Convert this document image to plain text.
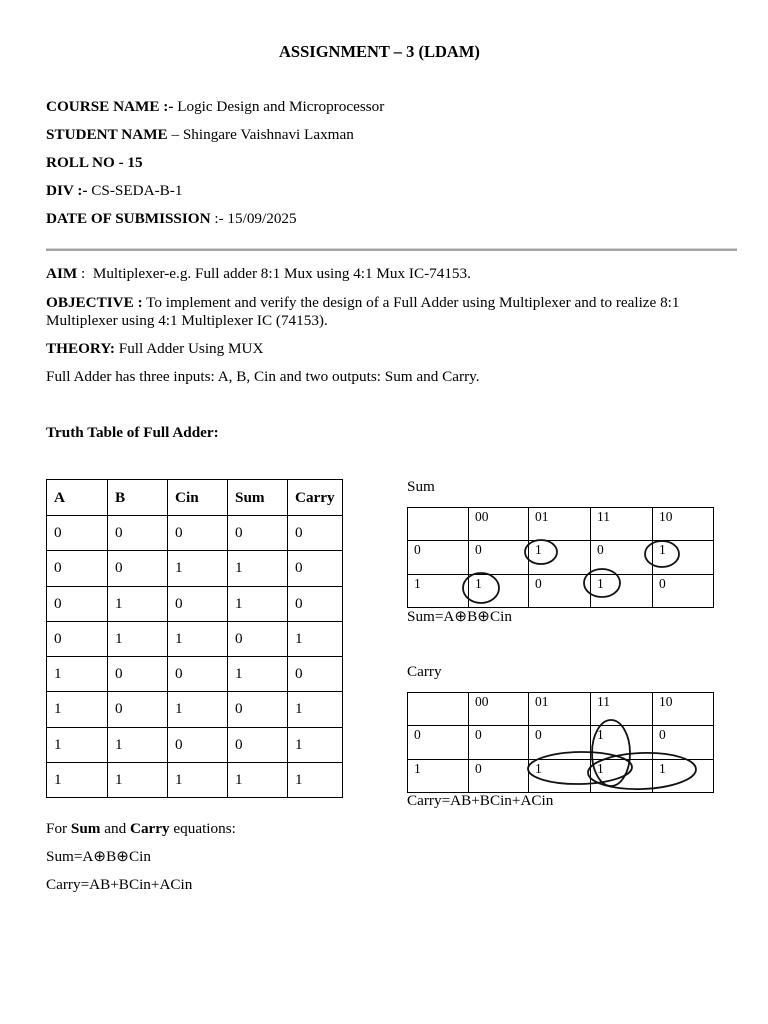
ASSIGNMENT – 3 (LDAM)
COURSE NAME :- Logic Design and Microprocessor
STUDENT NAME – Shingare Vaishnavi Laxman
ROLL NO - 15
DIV :- CS-SEDA-B-1
DATE OF SUBMISSION :- 15/09/2025
AIM :  Multiplexer-e.g. Full adder 8:1 Mux using 4:1 Mux IC-74153.
OBJECTIVE : To implement and verify the design of a Full Adder using Multiplexer and to realize 8:1 Multiplexer using 4:1 Multiplexer IC (74153).
THEORY: Full Adder Using MUX
Full Adder has three inputs: A, B, Cin and two outputs: Sum and Carry.
Truth Table of Full Adder:
A	B	Cin	Sum	Carry
0	0	0	0	0
0	0	1	1	0
0	1	0	1	0
0	1	1	0	1
1	0	0	1	0
1	0	1	0	1
1	1	0	0	1
1	1	1	1	1
Sum
	00	01	11	10
0	0	1	0	1
1	1	0	1	0
Sum=A⊕B⊕Cin
Carry
	00	01	11	10
0	0	0	1	0
1	0	1	1	1
Carry=AB+BCin+ACin
For Sum and Carry equations:
Sum=A⊕B⊕Cin
Carry=AB+BCin+ACin
